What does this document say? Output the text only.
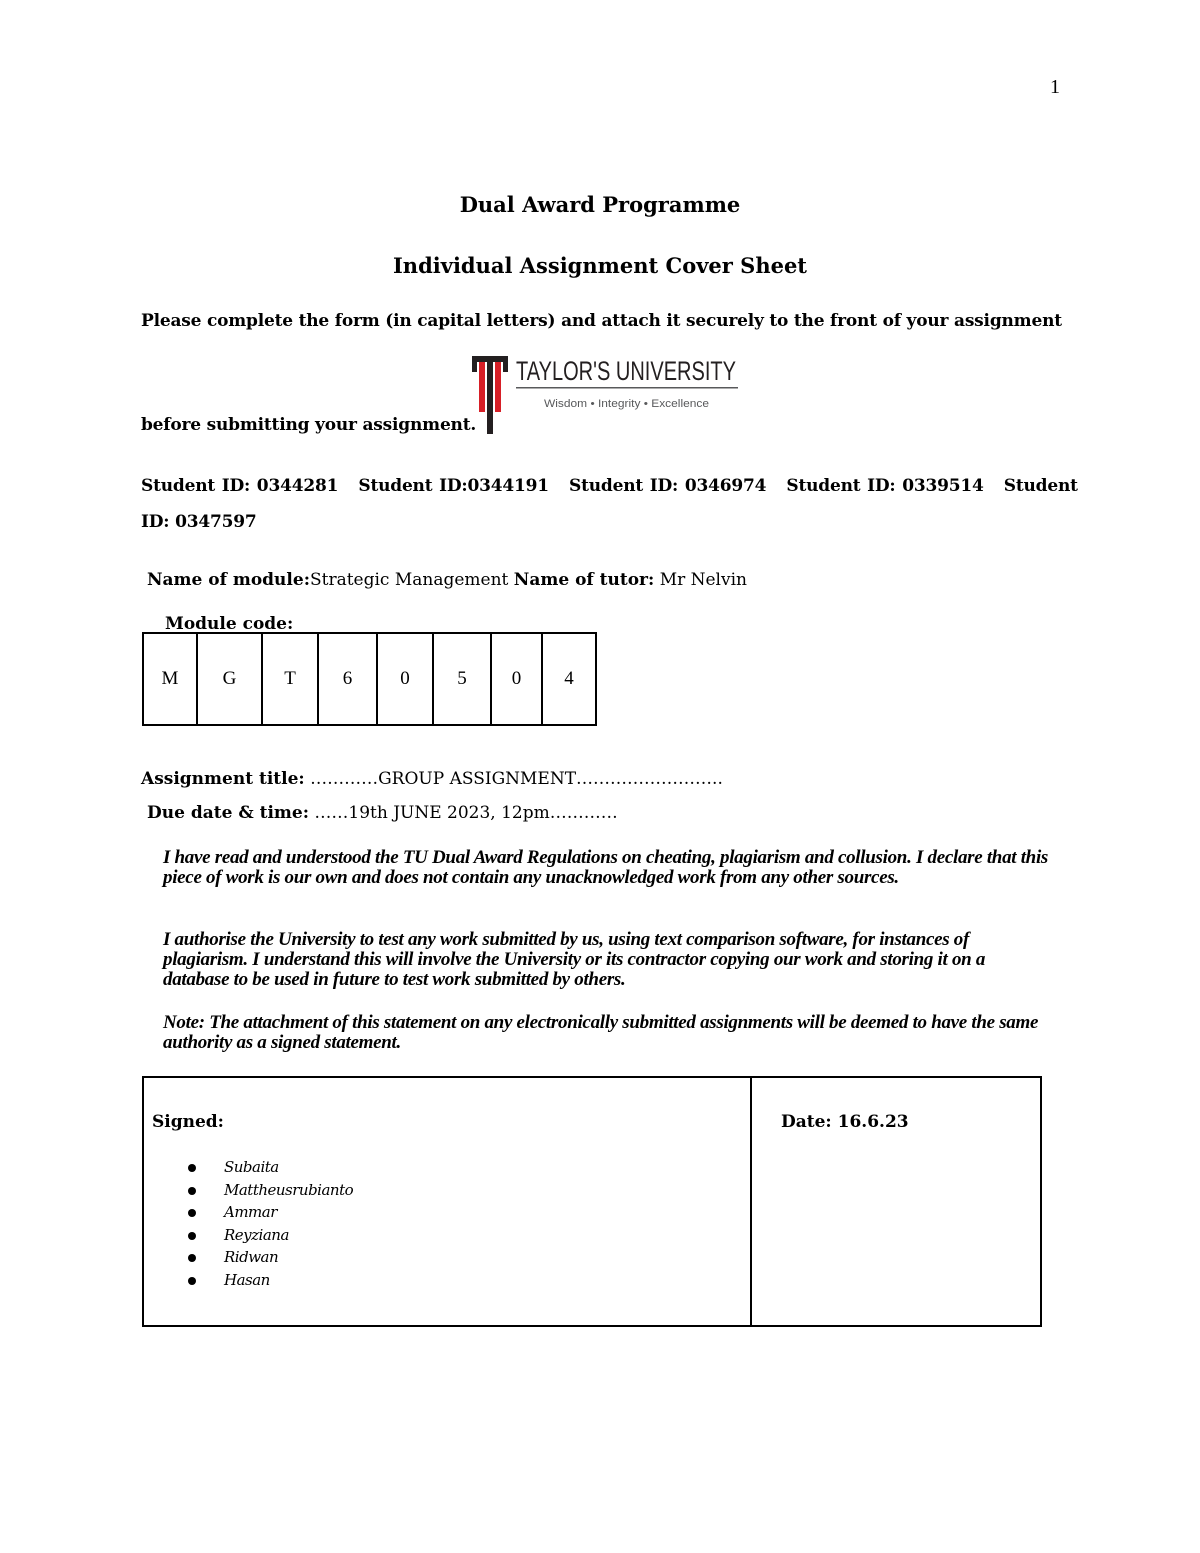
1
Dual Award Programme
Individual Assignment Cover Sheet
Please complete the form (in capital letters) and attach it securely to the front of your assignment
TAYLOR'S UNIVERSITY
Wisdom • Integrity • Excellence
before submitting your assignment.
Student ID: 0344281   Student ID:0344191   Student ID: 0346974   Student ID: 0339514   Student
ID: 0347597
Name of module:Strategic Management Name of tutor: Mr Nelvin
Module code:
M	G	T	6	0	5	0	4
Assignment title: …………GROUP ASSIGNMENT……………………..
Due date & time: ……19th JUNE 2023, 12pm…………
I have read and understood the TU Dual Award Regulations on cheating, plagiarism and collusion. I declare that this piece of work is our own and does not contain any unacknowledged work from any other sources.
I authorise the University to test any work submitted by us, using text comparison software, for instances of plagiarism. I understand this will involve the University or its contractor copying our work and storing it on a database to be used in future to test work submitted by others.
Note: The attachment of this statement on any electronically submitted assignments will be deemed to have the same authority as a signed statement.
Signed:
Subaita
Mattheusrubianto
Ammar
Reyziana
Ridwan
Hasan
Date: 16.6.23
